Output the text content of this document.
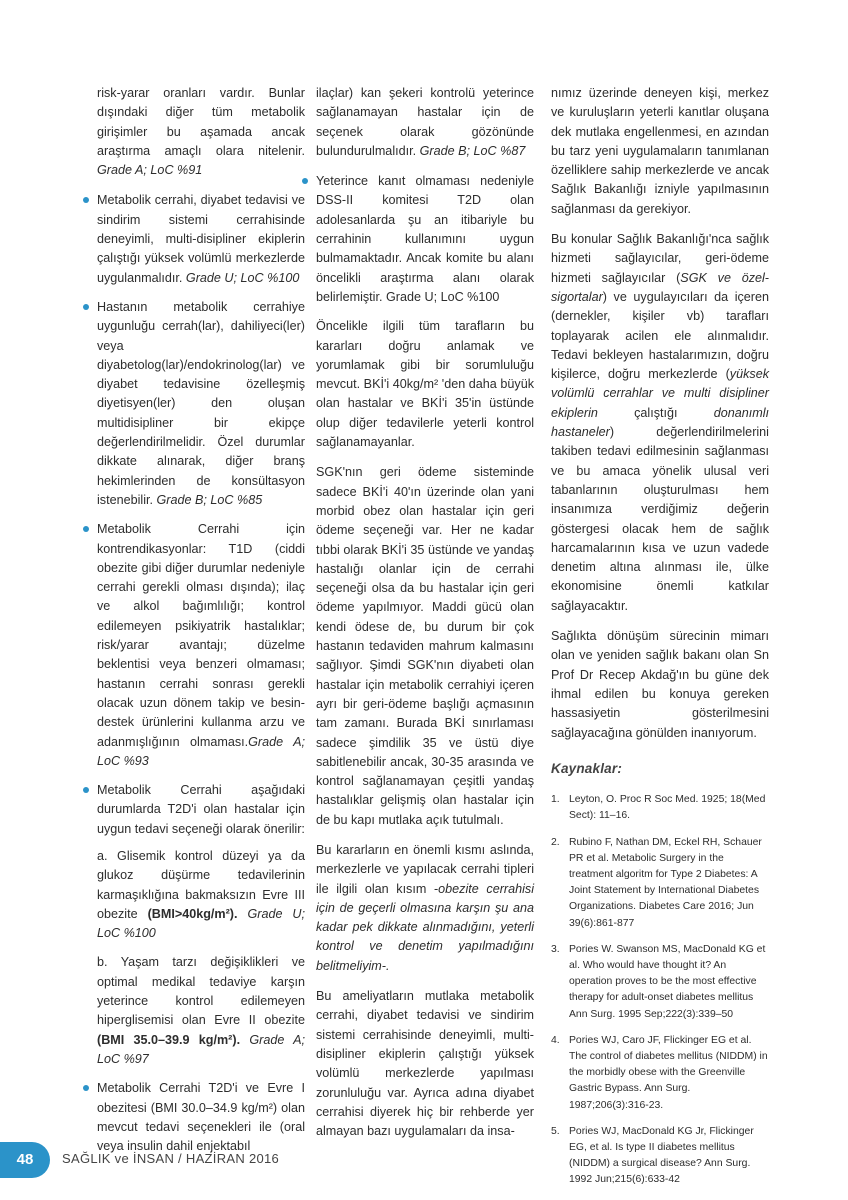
risk-yarar oranları vardır. Bunlar dışındaki diğer tüm metabolik girişimler bu aşamada ancak araştırma amaçlı olara nitelenir. Grade A; LoC %91

Metabolik cerrahi, diyabet tedavisi ve sindirim sistemi cerrahisinde deneyimli, multi-disipliner ekiplerin çalıştığı yüksek volümlü merkezlerde uygulanmalıdır. Grade U; LoC %100
Hastanın metabolik cerrahiye uygunluğu cerrah(lar), dahiliyeci(ler) veya diyabetolog(lar)/endokrinolog(lar) ve diyabet tedavisine özelleşmiş diyetisyen(ler) den oluşan multidisipliner bir ekipçe değerlendirilmelidir. Özel durumlar dikkate alınarak, diğer branş hekimlerinden de konsültasyon istenebilir. Grade B; LoC %85
Metabolik Cerrahi için kontrendikasyonlar: T1D (ciddi obezite gibi diğer durumlar nedeniyle cerrahi gerekli olması dışında); ilaç ve alkol bağımlılığı; kontrol edilemeyen psikiyatrik hastalıklar; risk/yarar avantajı; düzelme beklentisi veya benzeri olmaması; hastanın cerrahi sonrası gerekli olacak uzun dönem takip ve besin-destek ürünlerini kullanma arzu ve adanmışlığının olmaması.Grade A; LoC %93
Metabolik Cerrahi aşağıdaki durumlarda T2D'i olan hastalar için uygun tedavi seçeneği olarak önerilir:
a. Glisemik kontrol düzeyi ya da glukoz düşürme tedavilerinin karmaşıklığına bakmaksızın Evre III obezite (BMI>40kg/m²). Grade U; LoC %100
b. Yaşam tarzı değişiklikleri ve optimal medikal tedaviye karşın yeterince kontrol edilemeyen hiperglisemisi olan Evre II obezite (BMI 35.0–39.9 kg/m²). Grade A; LoC %97
Metabolik Cerrahi T2D'i ve Evre I obezitesi (BMI 30.0–34.9 kg/m²) olan mevcut tedavi seçenekleri ile (oral veya insulin dahil enjektabıl

ilaçlar) kan şekeri kontrolü yeterince sağlanamayan hastalar için de seçenek olarak gözönünde bulundurulmalıdır. Grade B; LoC %87

Yeterince kanıt olmaması nedeniyle DSS-II komitesi T2D olan adolesanlarda şu an itibariyle bu cerrahinin kullanımını uygun bulmamaktadır. Ancak komite bu alanı öncelikli araştırma alanı olarak belirlemiştir. Grade U; LoC %100

Öncelikle ilgili tüm tarafların bu kararları doğru anlamak ve yorumlamak gibi bir sorumluluğu mevcut. BKİ'i 40kg/m² 'den daha büyük olan hastalar ve BKİ'i 35'in üstünde olup diğer tedavilerle yeterli kontrol sağlanamayanlar.

SGK'nın geri ödeme sisteminde sadece BKİ'i 40'ın üzerinde olan yani morbid obez olan hastalar için geri ödeme seçeneği var. Her ne kadar tıbbi olarak BKİ'i 35 üstünde ve yandaş hastalığı olanlar için de cerrahi seçeneği olsa da bu hastalar için geri ödeme yapılmıyor. Maddi gücü olan kendi ödese de, bu durum bir çok hastanın tedaviden mahrum kalmasını sağlıyor. Şimdi SGK'nın diyabeti olan hastalar için metabolik cerrahiyi içeren ayrı bir geri-ödeme başlığı açmasının tam zamanı. Burada BKİ sınırlaması sadece şimdilik 35 ve üstü diye sabitlenebilir ancak, 30-35 arasında ve kontrol sağlanamayan çeşitli yandaş hastalıklar gelişmiş olan hastalar için de bu kapı mutlaka açık tutulmalı.

Bu kararların en önemli kısmı aslında, merkezlerle ve yapılacak cerrahi tipleri ile ilgili olan kısım -obezite cerrahisi için de geçerli olmasına karşın şu ana kadar pek dikkate alınmadığını, yeterli kontrol ve denetim yapılmadığını belitmeliyim-.

Bu ameliyatların mutlaka metabolik cerrahi, diyabet tedavisi ve sindirim sistemi cerrahisinde deneyimli, multi-disipliner ekiplerin çalıştığı yüksek volümlü merkezlerde yapılması zorunluluğu var. Ayrıca adına diyabet cerrahisi diyerek hiç bir rehberde yer almayan bazı uygulamaları da insa-

nımız üzerinde deneyen kişi, merkez ve kuruluşların yeterli kanıtlar oluşana dek mutlaka engellenmesi, en azından bu tarz yeni uygulamaların tanımlanan özelliklere sahip merkezlerde ve ancak Sağlık Bakanlığı izniyle yapılmasının sağlanması da gerekiyor.

Bu konular Sağlık Bakanlığı'nca sağlık hizmeti sağlayıcılar, geri-ödeme hizmeti sağlayıcılar (SGK ve özel-sigortalar) ve uygulayıcıları da içeren (dernekler, kişiler vb) tarafları toplayarak acilen ele alınmalıdır. Tedavi bekleyen hastalarımızın, doğru kişilerce, doğru merkezlerde (yüksek volümlü cerrahlar ve multi disipliner ekiplerin çalıştığı donanımlı hastaneler) değerlendirilmelerini takiben tedavi edilmesinin sağlanması ve bu amaca yönelik ulusal veri tabanlarının oluşturulması hem insanımıza verdiğimiz değerin göstergesi olacak hem de sağlık harcamalarının kısa ve uzun vadede denetim altına alınması ile, ülke ekonomisine önemli katkılar sağlayacaktır.

Sağlıkta dönüşüm sürecinin mimarı olan ve yeniden sağlık bakanı olan Sn Prof Dr Recep Akdağ'ın bu güne dek ihmal edilen bu konuya gereken hassasiyetin gösterilmesini sağlayacağına gönülden inanıyorum.

Kaynaklar:
1. Leyton, O. Proc R Soc Med. 1925; 18(Med Sect): 11–16.
2. Rubino F, Nathan DM, Eckel RH, Schauer PR et al. Metabolic Surgery in the treatment algoritm for Type 2 Diabetes: A Joint Statement by International Diabetes Organizations. Diabetes Care 2016; Jun 39(6):861-877
3. Pories W. Swanson MS, MacDonald KG et al. Who would have thought it? An operation proves to be the most effective therapy for adult-onset diabetes mellitus Ann Surg. 1995 Sep;222(3):339–50
4. Pories WJ, Caro JF, Flickinger EG et al. The control of diabetes mellitus (NIDDM) in the morbidly obese with the Greenville Gastric Bypass. Ann Surg. 1987;206(3):316-23.
5. Pories WJ, MacDonald KG Jr, Flickinger EG, et al. Is type II diabetes mellitus (NIDDM) a surgical disease? Ann Surg. 1992 Jun;215(6):633-42
48	SAĞLIK ve İNSAN / HAZİRAN 2016
